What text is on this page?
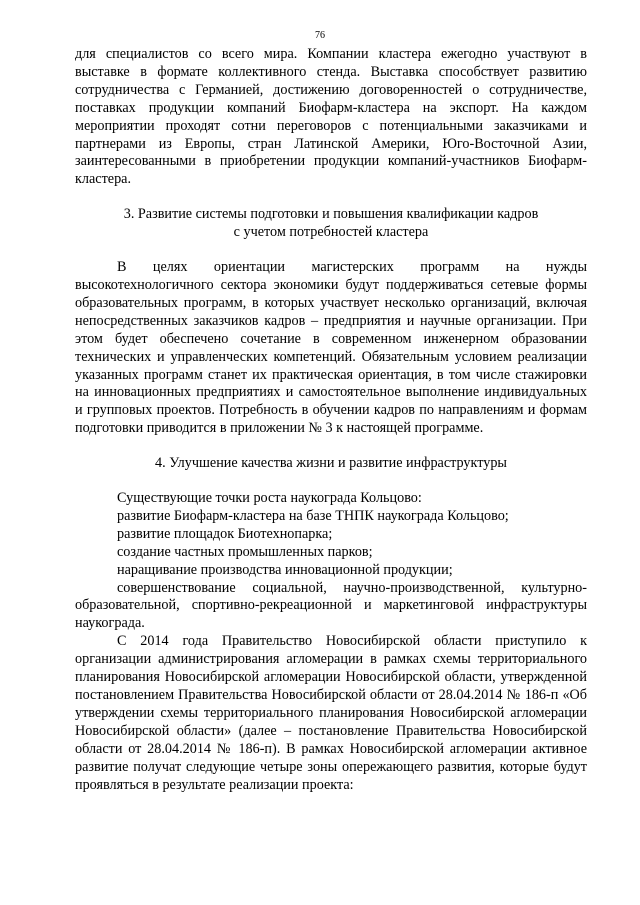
76

для специалистов со всего мира. Компании кластера ежегодно участвуют в выставке в формате коллективного стенда. Выставка способствует развитию сотрудничества с Германией, достижению договоренностей о сотрудничестве, поставках продукции компаний Биофарм-кластера на экспорт. На каждом мероприятии проходят сотни переговоров с потенциальными заказчиками и партнерами из Европы, стран Латинской Америки, Юго-Восточной Азии, заинтересованными в приобретении продукции компаний-участников Биофарм-кластера.

3. Развитие системы подготовки и повышения квалификации кадров
с учетом потребностей кластера

В целях ориентации магистерских программ на нужды высокотехнологичного сектора экономики будут поддерживаться сетевые формы образовательных программ, в которых участвует несколько организаций, включая непосредственных заказчиков кадров – предприятия и научные организации. При этом будет обеспечено сочетание в современном инженерном образовании технических и управленческих компетенций. Обязательным условием реализации указанных программ станет их практическая ориентация, в том числе стажировки на инновационных предприятиях и самостоятельное выполнение индивидуальных и групповых проектов. Потребность в обучении кадров по направлениям и формам подготовки приводится в приложении № 3 к настоящей программе.

4. Улучшение качества жизни и развитие инфраструктуры

Существующие точки роста наукограда Кольцово:

развитие Биофарм-кластера на базе ТНПК наукограда Кольцово;

развитие площадок Биотехнопарка;

создание частных промышленных парков;

наращивание производства инновационной продукции;

совершенствование социальной, научно-производственной, культурно-образовательной, спортивно-рекреационной и маркетинговой инфраструктуры наукограда.

С 2014 года Правительство Новосибирской области приступило к организации администрирования агломерации в рамках схемы территориального планирования Новосибирской агломерации Новосибирской области, утвержденной постановлением Правительства Новосибирской области от 28.04.2014 № 186-п «Об утверждении схемы территориального планирования Новосибирской агломерации Новосибирской области» (далее – постановление Правительства Новосибирской области от 28.04.2014 № 186-п). В рамках Новосибирской агломерации активное развитие получат следующие четыре зоны опережающего развития, которые будут проявляться в результате реализации проекта:
